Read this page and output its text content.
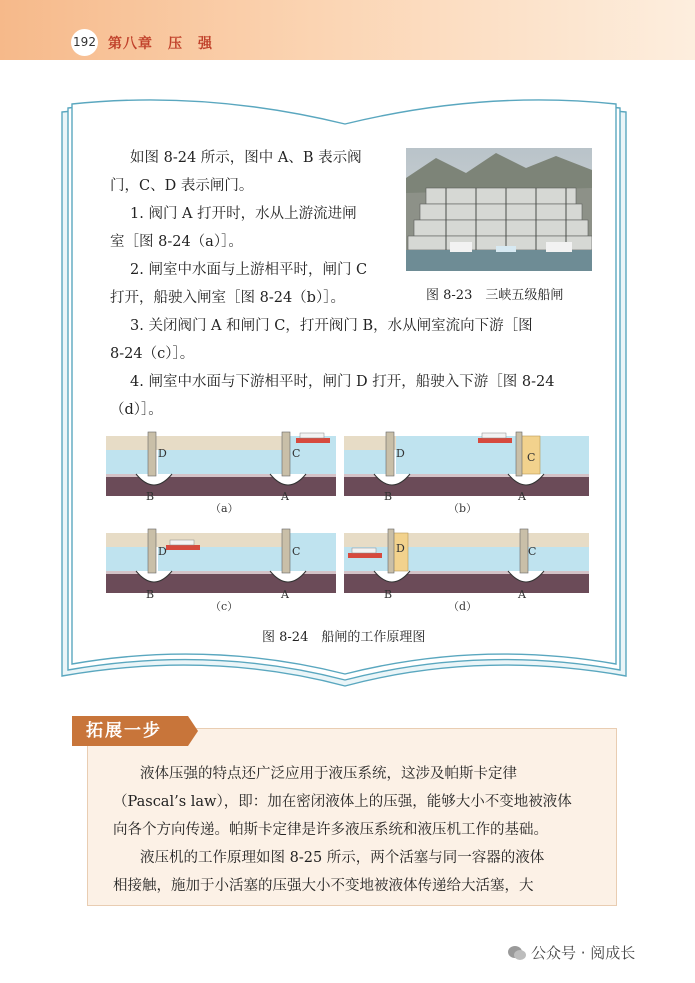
192 第八章　压　强
如图 8-24 所示，图中 A、B 表示阀
门，C、D 表示闸门。
1. 阀门 A 打开时，水从上游流进闸
室［图 8-24（a）］。
2. 闸室中水面与上游相平时，闸门 C
打开，船驶入闸室［图 8-24（b）］。
3. 关闭阀门 A 和闸门 C，打开阀门 B，水从闸室流向下游［图
8-24（c）］。
4. 闸室中水面与下游相平时，闸门 D 打开，船驶入下游［图 8-24
（d）］。
图 8-23　三峡五级船闸
D	C
B	A
（a）
D	C
B	A
（b）
D	C
B	A
（c）
D	C
B	A
（d）
图 8-24　船闸的工作原理图
拓展一步
液体压强的特点还广泛应用于液压系统，这涉及帕斯卡定律
（Pascal’s law），即：加在密闭液体上的压强，能够大小不变地被液体
向各个方向传递。帕斯卡定律是许多液压系统和液压机工作的基础。
液压机的工作原理如图 8-25 所示，两个活塞与同一容器的液体
相接触，施加于小活塞的压强大小不变地被液体传递给大活塞，大
公众号 · 阅成长
